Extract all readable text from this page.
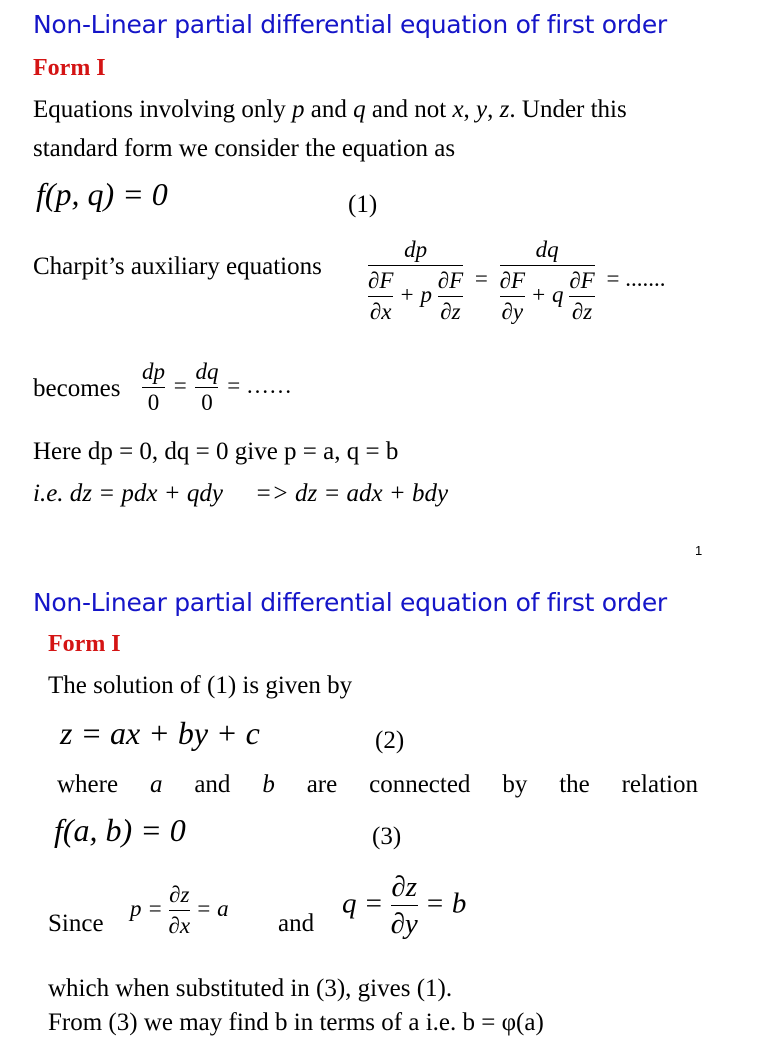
Non-Linear partial differential equation of first order
Form I
Equations involving only p and q and not x, y, z. Under this
standard form we consider the equation as
f(p, q) = 0	(1)
Charpit’s auxiliary equations $\frac{dp}{\frac{\partial F}{\partial x} + p \frac{\partial F}{\partial z}} = \frac{dq}{\frac{\partial F}{\partial y} + q \frac{\partial F}{\partial z}}$ = .......
becomes $\frac{dp}{0} = \frac{dq}{0}$ = ……
Here dp = 0, dq = 0 give p = a, q = b
i.e. dz = pdx + qdy => dz = adx + bdy
1
Non-Linear partial differential equation of first order
Form I
The solution of (1) is given by
z = ax + by + c	(2)
where a and b are connected by the relation
f(a, b) = 0	(3)
Since
$p = \frac{\partial z}{\partial x} = a$
and
$q = \frac{\partial z}{\partial y} = b$
which when substituted in (3), gives (1).
From (3) we may find b in terms of a i.e. b = φ(a)
